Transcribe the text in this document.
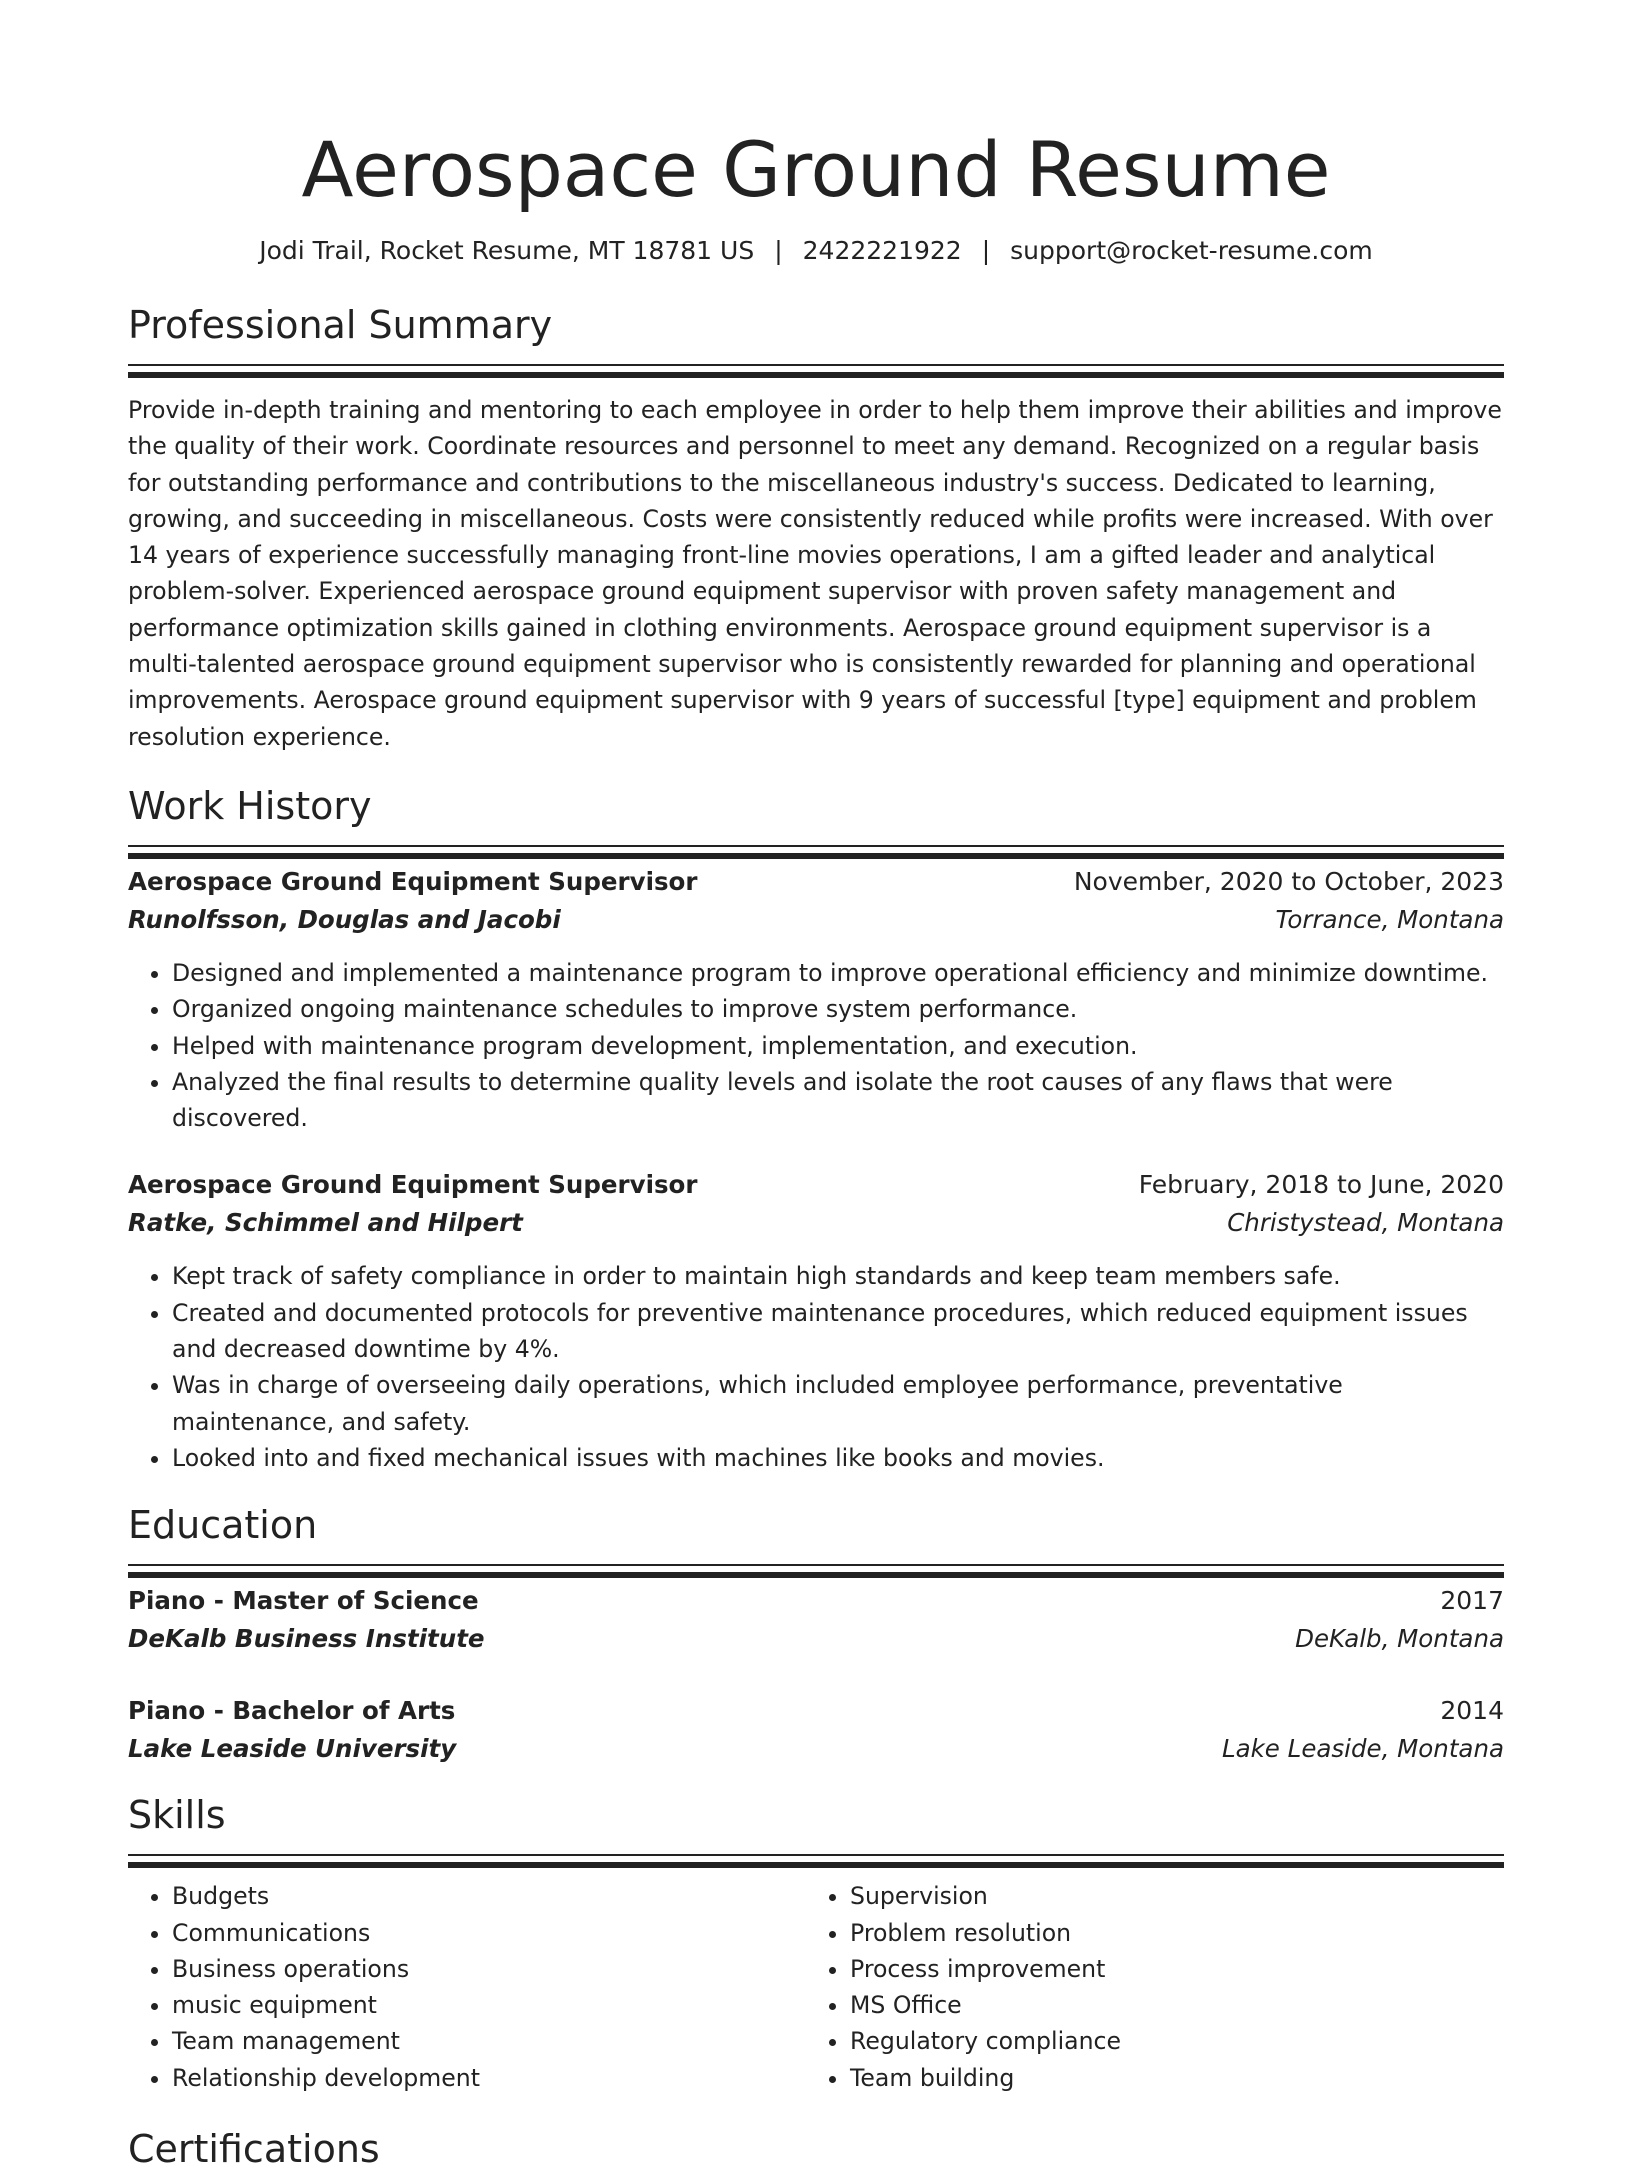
Aerospace Ground Resume
Jodi Trail, Rocket Resume, MT 18781 US | 2422221922 | support@rocket-resume.com
Professional Summary

Provide in-depth training and mentoring to each employee in order to help them improve their abilities and improve the quality of their work. Coordinate resources and personnel to meet any demand. Recognized on a regular basis for outstanding performance and contributions to the miscellaneous industry's success. Dedicated to learning, growing, and succeeding in miscellaneous. Costs were consistently reduced while profits were increased. With over 14 years of experience successfully managing front-line movies operations, I am a gifted leader and analytical problem-solver. Experienced aerospace ground equipment supervisor with proven safety management and performance optimization skills gained in clothing environments. Aerospace ground equipment supervisor is a multi-talented aerospace ground equipment supervisor who is consistently rewarded for planning and operational improvements. Aerospace ground equipment supervisor with 9 years of successful [type] equipment and problem resolution experience.

Work History
Aerospace Ground Equipment Supervisor	November, 2020 to October, 2023
Runolfsson, Douglas and Jacobi	Torrance, Montana
• Designed and implemented a maintenance program to improve operational efficiency and minimize downtime.
• Organized ongoing maintenance schedules to improve system performance.
• Helped with maintenance program development, implementation, and execution.
• Analyzed the final results to determine quality levels and isolate the root causes of any flaws that were discovered.
Aerospace Ground Equipment Supervisor	February, 2018 to June, 2020
Ratke, Schimmel and Hilpert	Christystead, Montana
• Kept track of safety compliance in order to maintain high standards and keep team members safe.
• Created and documented protocols for preventive maintenance procedures, which reduced equipment issues and decreased downtime by 4%.
• Was in charge of overseeing daily operations, which included employee performance, preventative maintenance, and safety.
• Looked into and fixed mechanical issues with machines like books and movies.
Education
Piano - Master of Science	2017
DeKalb Business Institute	DeKalb, Montana
Piano - Bachelor of Arts	2014
Lake Leaside University	Lake Leaside, Montana
Skills
• Budgets
• Communications
• Business operations
• music equipment
• Team management
• Relationship development
• Supervision
• Problem resolution
• Process improvement
• MS Office
• Regulatory compliance
• Team building
Certifications
